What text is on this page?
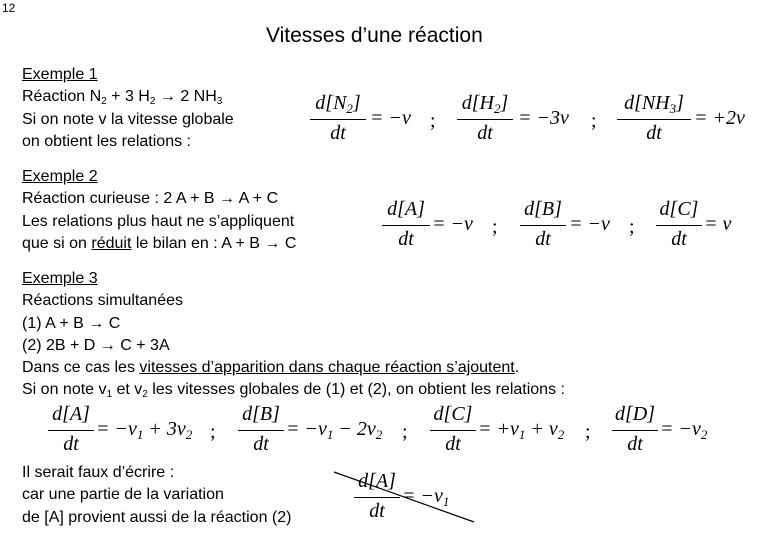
12
Vitesses d’une réaction
Exemple 1
Réaction $N_2 + 3$ $H_2 \to 2$ $NH_3$
Si on note v la vitesse globale
on obtient les relations :
$d[N_2]$
dt
= −v ;
$d[H_2]$
dt
= −3v ;
$d[NH_3]$
dt
= +2v
Exemple 2
Réaction curieuse : 2 A + B → A + C
Les relations plus haut ne s’appliquent
que si on réduit le bilan en : A + B → C
d[A]
dt
= −v ;
d[B]
dt
= −v ;
d[C]
dt
= v
Exemple 3
Réactions simultanées
(1) A + B → C
(2) 2B + D → C + 3A
Dans ce cas les vitesses d’apparition dans chaque réaction s’ajoutent.
Si on note $v_1$ et $v_2$ les vitesses globales de (1) et (2), on obtient les relations :
d[A]
dt
= $-v_1 + 3v_2$ ;
d[B]
dt
= $-v_1 - 2v_2$ ;
d[C]
dt
= $+v_1 + v_2$ ;
d[D]
dt
= $-v_2$
Il serait faux d’écrire :
car une partie de la variation
de [A] provient aussi de la réaction (2)
d[A]
dt
= $-v_1$
